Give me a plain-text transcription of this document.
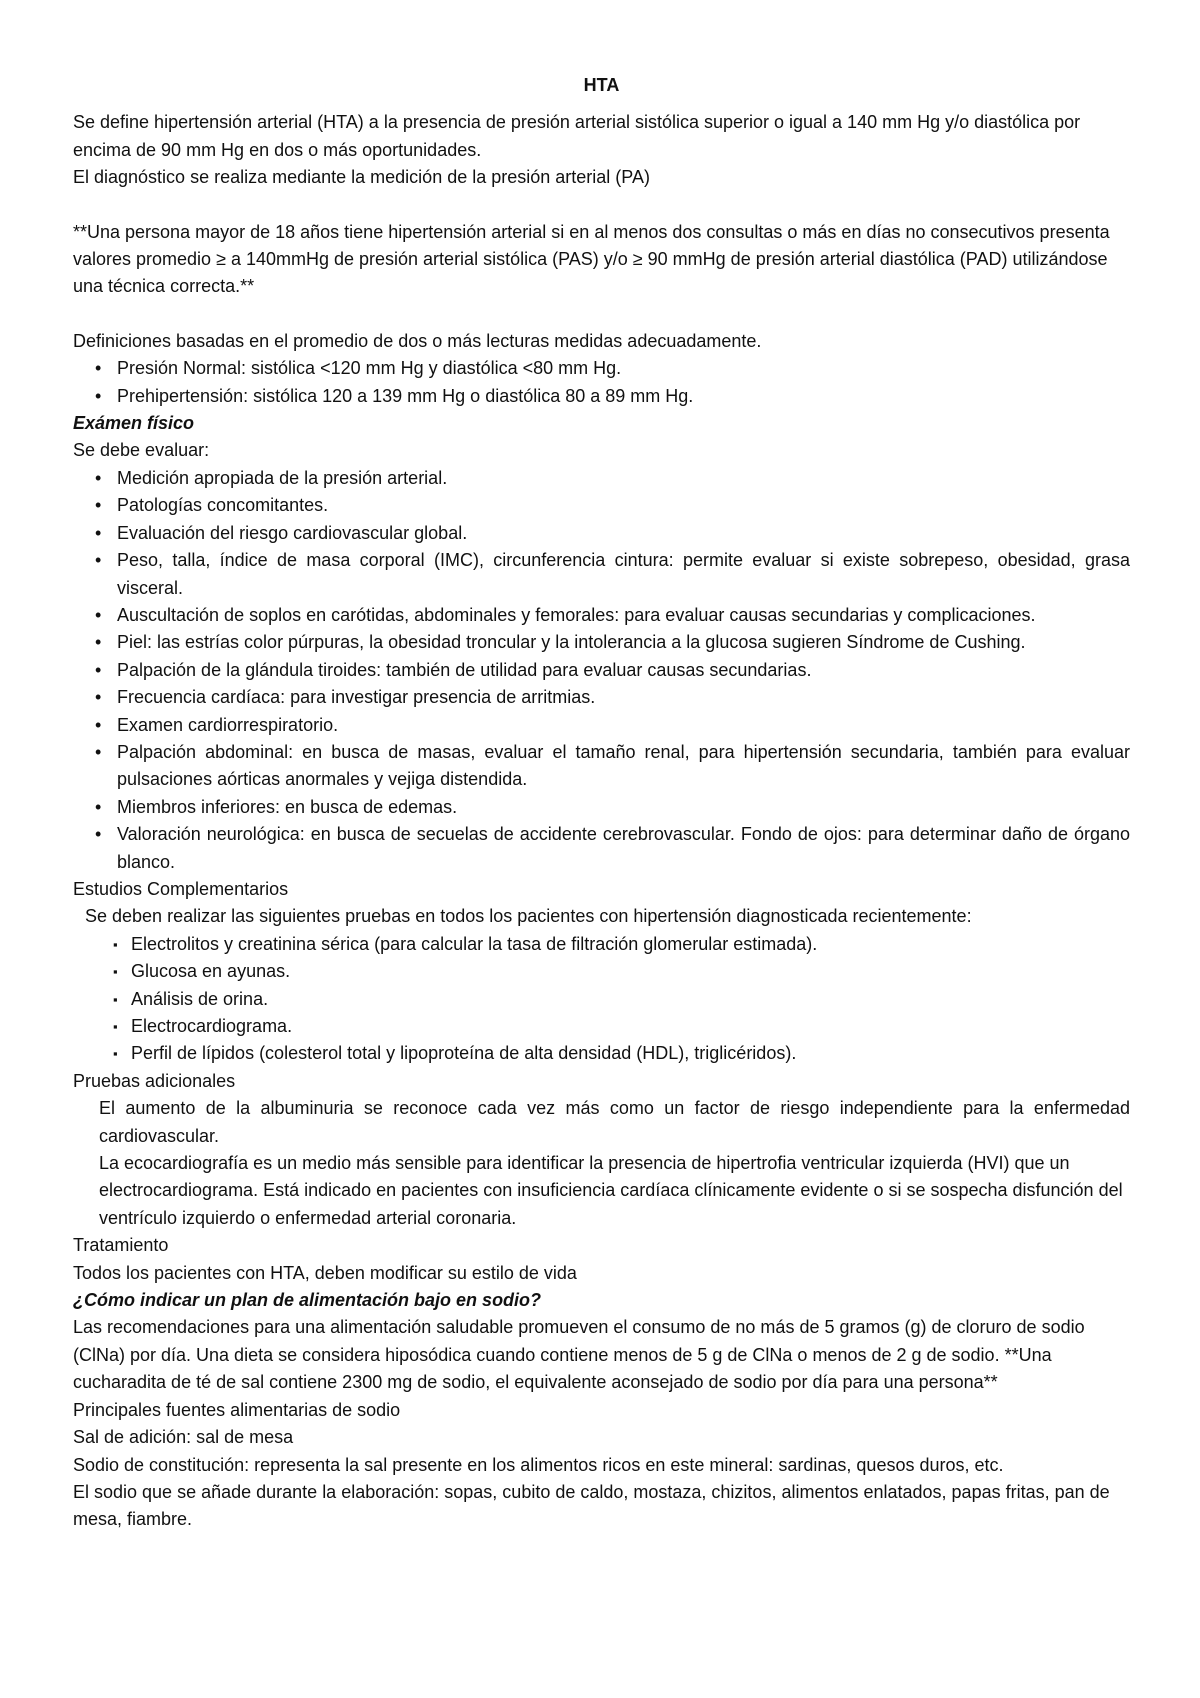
HTA

Se define hipertensión arterial (HTA) a la presencia de presión arterial sistólica superior o igual a 140 mm Hg y/o diastólica por encima de 90 mm Hg en dos o más oportunidades.

El diagnóstico se realiza mediante la medición de la presión arterial (PA)

**Una persona mayor de 18 años tiene hipertensión arterial si en al menos dos consultas o más en días no consecutivos presenta valores promedio ≥ a 140mmHg de presión arterial sistólica (PAS) y/o ≥ 90 mmHg de presión arterial diastólica (PAD) utilizándose una técnica correcta.**

Definiciones basadas en el promedio de dos o más lecturas medidas adecuadamente.

• Presión Normal: sistólica <120 mm Hg y diastólica <80 mm Hg.
• Prehipertensión: sistólica 120 a 139 mm Hg o diastólica 80 a 89 mm Hg.

Exámen físico

Se debe evaluar:

• Medición apropiada de la presión arterial.
• Patologías concomitantes.
• Evaluación del riesgo cardiovascular global.
• Peso, talla, índice de masa corporal (IMC), circunferencia cintura: permite evaluar si existe sobrepeso, obesidad, grasa visceral.
• Auscultación de soplos en carótidas, abdominales y femorales: para evaluar causas secundarias y complicaciones.
• Piel: las estrías color púrpuras, la obesidad troncular y la intolerancia a la glucosa sugieren Síndrome de Cushing.
• Palpación de la glándula tiroides: también de utilidad para evaluar causas secundarias.
• Frecuencia cardíaca: para investigar presencia de arritmias.
• Examen cardiorrespiratorio.
• Palpación abdominal: en busca de masas, evaluar el tamaño renal, para hipertensión secundaria, también para evaluar pulsaciones aórticas anormales y vejiga distendida.
• Miembros inferiores: en busca de edemas.
• Valoración neurológica: en busca de secuelas de accidente cerebrovascular. Fondo de ojos: para determinar daño de órgano blanco.

Estudios Complementarios

Se deben realizar las siguientes pruebas en todos los pacientes con hipertensión diagnosticada recientemente:

▪ Electrolitos y creatinina sérica (para calcular la tasa de filtración glomerular estimada).
▪ Glucosa en ayunas.
▪ Análisis de orina.
▪ Electrocardiograma.
▪ Perfil de lípidos (colesterol total y lipoproteína de alta densidad (HDL), triglicéridos).

Pruebas adicionales

El aumento de la albuminuria se reconoce cada vez más como un factor de riesgo independiente para la enfermedad cardiovascular.

La ecocardiografía es un medio más sensible para identificar la presencia de hipertrofia ventricular izquierda (HVI) que un electrocardiograma. Está indicado en pacientes con insuficiencia cardíaca clínicamente evidente o si se sospecha disfunción del ventrículo izquierdo o enfermedad arterial coronaria.

Tratamiento

Todos los pacientes con HTA, deben modificar su estilo de vida

¿Cómo indicar un plan de alimentación bajo en sodio?

Las recomendaciones para una alimentación saludable promueven el consumo de no más de 5 gramos (g) de cloruro de sodio (ClNa) por día. Una dieta se considera hiposódica cuando contiene menos de 5 g de ClNa o menos de 2 g de sodio. **Una cucharadita de té de sal contiene 2300 mg de sodio, el equivalente aconsejado de sodio por día para una persona**

Principales fuentes alimentarias de sodio

Sal de adición: sal de mesa

Sodio de constitución: representa la sal presente en los alimentos ricos en este mineral: sardinas, quesos duros, etc.

El sodio que se añade durante la elaboración: sopas, cubito de caldo, mostaza, chizitos, alimentos enlatados, papas fritas, pan de mesa, fiambre.
